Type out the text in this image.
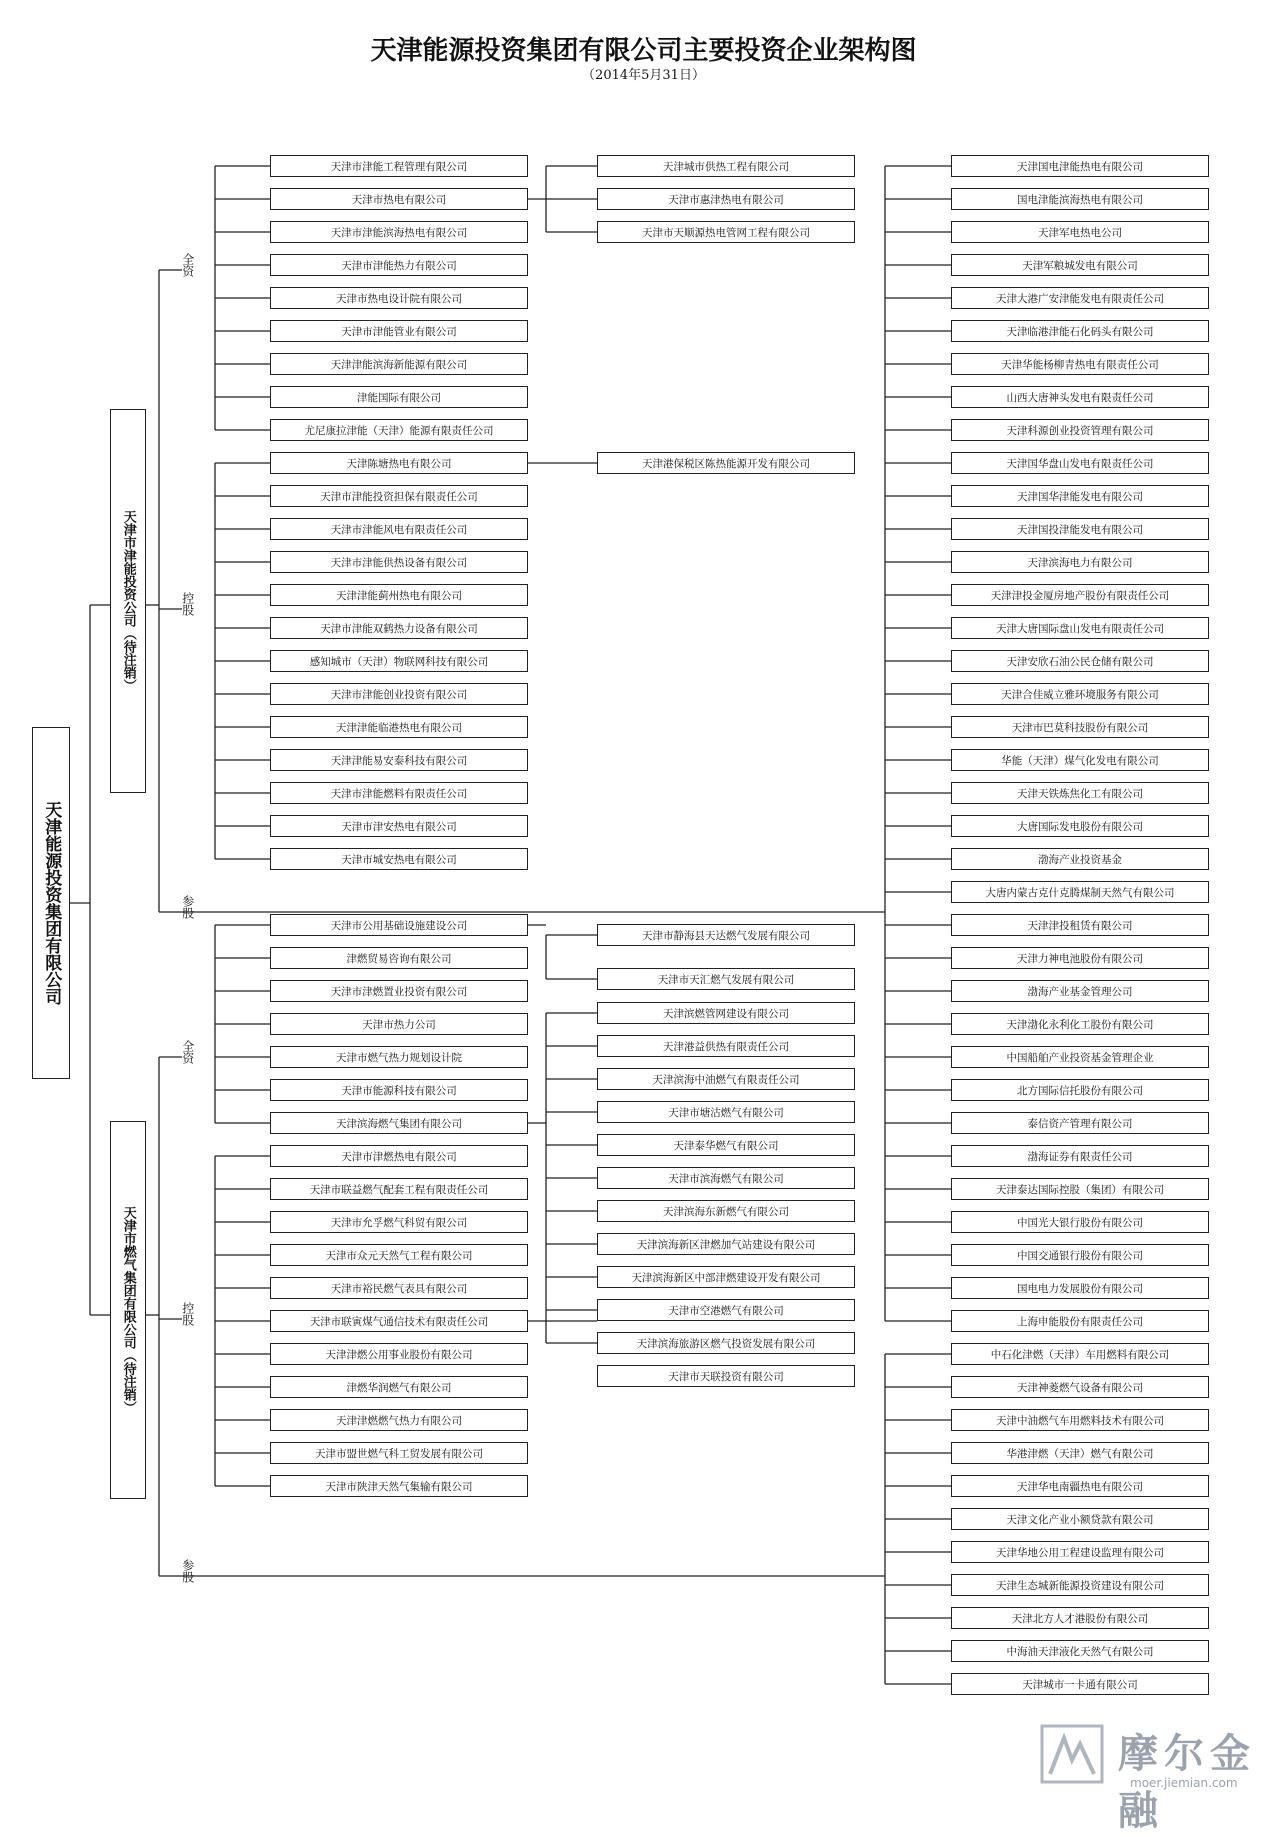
天津能源投资集团有限公司主要投资企业架构图
（2014年5月31日）
天津能源投资集团有限公司
天津市津能投资公司（待注销）
天津市燃气集团有限公司（待注销）
全资
天津市津能工程管理有限公司
天津市热电有限公司
天津市津能滨海热电有限公司
天津市津能热力有限公司
天津市热电设计院有限公司
天津市津能管业有限公司
天津津能滨海新能源有限公司
津能国际有限公司
尤尼康拉津能（天津）能源有限责任公司
控股
天津陈塘热电有限公司
天津市津能投资担保有限责任公司
天津市津能风电有限责任公司
天津市津能供热设备有限公司
天津津能蓟州热电有限公司
天津市津能双鹤热力设备有限公司
感知城市（天津）物联网科技有限公司
天津市津能创业投资有限公司
天津津能临港热电有限公司
天津津能易安泰科技有限公司
天津市津能燃料有限责任公司
天津市津安热电有限公司
天津市城安热电有限公司
参股
全资
天津市公用基础设施建设公司
津燃贸易咨询有限公司
天津市津燃置业投资有限公司
天津市热力公司
天津市燃气热力规划设计院
天津市能源科技有限公司
天津滨海燃气集团有限公司
控股
天津市津燃热电有限公司
天津市联益燃气配套工程有限责任公司
天津市允孚燃气科贸有限公司
天津市众元天然气工程有限公司
天津市裕民燃气表具有限公司
天津市联寅煤气通信技术有限责任公司
天津津燃公用事业股份有限公司
津燃华润燃气有限公司
天津津燃燃气热力有限公司
天津市盟世燃气科工贸发展有限公司
天津市陕津天然气集输有限公司
参股
天津城市供热工程有限公司
天津市惠津热电有限公司
天津市天顺源热电管网工程有限公司
天津港保税区陈热能源开发有限公司
天津市静海县天达燃气发展有限公司
天津市天汇燃气发展有限公司
天津滨燃管网建设有限公司
天津港益供热有限责任公司
天津滨海中油燃气有限责任公司
天津市塘沽燃气有限公司
天津泰华燃气有限公司
天津市滨海燃气有限公司
天津滨海东新燃气有限公司
天津滨海新区津燃加气站建设有限公司
天津滨海新区中部津燃建设开发有限公司
天津市空港燃气有限公司
天津滨海旅游区燃气投资发展有限公司
天津市天联投资有限公司
天津国电津能热电有限公司
国电津能滨海热电有限公司
天津军电热电公司
天津军粮城发电有限公司
天津大港广安津能发电有限责任公司
天津临港津能石化码头有限公司
天津华能杨柳青热电有限责任公司
山西大唐神头发电有限责任公司
天津科源创业投资管理有限公司
天津国华盘山发电有限责任公司
天津国华津能发电有限公司
天津国投津能发电有限公司
天津滨海电力有限公司
天津津投金厦房地产股份有限责任公司
天津大唐国际盘山发电有限责任公司
天津安欣石油公民仓储有限公司
天津合佳威立雅环境服务有限公司
天津市巴莫科技股份有限公司
华能（天津）煤气化发电有限公司
天津天铁炼焦化工有限公司
大唐国际发电股份有限公司
渤海产业投资基金
大唐内蒙古克什克腾煤制天然气有限公司
天津津投租赁有限公司
天津力神电池股份有限公司
渤海产业基金管理公司
天津渤化永利化工股份有限公司
中国船舶产业投资基金管理企业
北方国际信托股份有限公司
泰信资产管理有限公司
渤海证券有限责任公司
天津泰达国际控股（集团）有限公司
中国光大银行股份有限公司
中国交通银行股份有限公司
国电电力发展股份有限公司
上海申能股份有限责任公司
中石化津燃（天津）车用燃料有限公司
天津神菱燃气设备有限公司
天津中油燃气车用燃料技术有限公司
华港津燃（天津）燃气有限公司
天津华电南疆热电有限公司
天津文化产业小额贷款有限公司
天津华地公用工程建设监理有限公司
天津生态城新能源投资建设有限公司
天津北方人才港股份有限公司
中海油天津液化天然气有限公司
天津城市一卡通有限公司
摩尔金融
moer.jiemian.com
